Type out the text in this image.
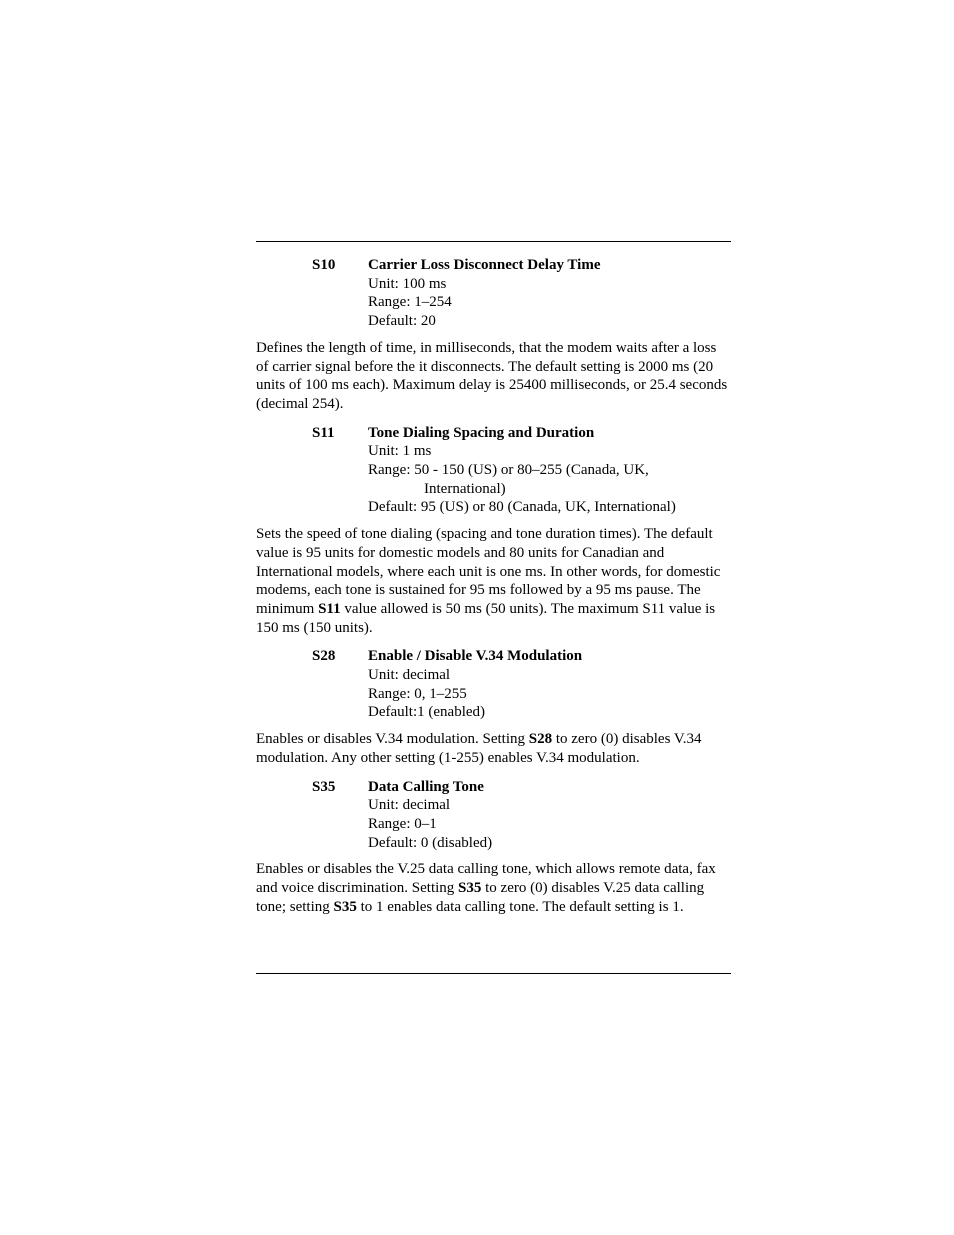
S10	Carrier Loss Disconnect Delay Time
Unit: 100 ms
Range: 1–254
Default: 20

Defines the length of time, in milliseconds, that the modem waits after a loss of carrier signal before the it disconnects. The default setting is 2000 ms (20 units of 100 ms each). Maximum delay is 25400 milliseconds, or 25.4 seconds (decimal 254).

S11	Tone Dialing Spacing and Duration
Unit: 1 ms
Range: 50 - 150 (US) or 80–255 (Canada, UK,
International)
Default: 95 (US) or 80 (Canada, UK, International)

Sets the speed of tone dialing (spacing and tone duration times). The default value is 95 units for domestic models and 80 units for Canadian and International models, where each unit is one ms. In other words, for domestic modems, each tone is sustained for 95 ms followed by a 95 ms pause. The minimum S11 value allowed is 50 ms (50 units). The maximum S11 value is 150 ms (150 units).

S28	Enable / Disable V.34 Modulation
Unit: decimal
Range: 0, 1–255
Default:1 (enabled)

Enables or disables V.34 modulation. Setting S28 to zero (0) disables V.34 modulation. Any other setting (1-255) enables V.34 modulation.

S35	Data Calling Tone
Unit: decimal
Range: 0–1
Default: 0 (disabled)

Enables or disables the V.25 data calling tone, which allows remote data, fax and voice discrimination. Setting S35 to zero (0) disables V.25 data calling tone; setting S35 to 1 enables data calling tone. The default setting is 1.
